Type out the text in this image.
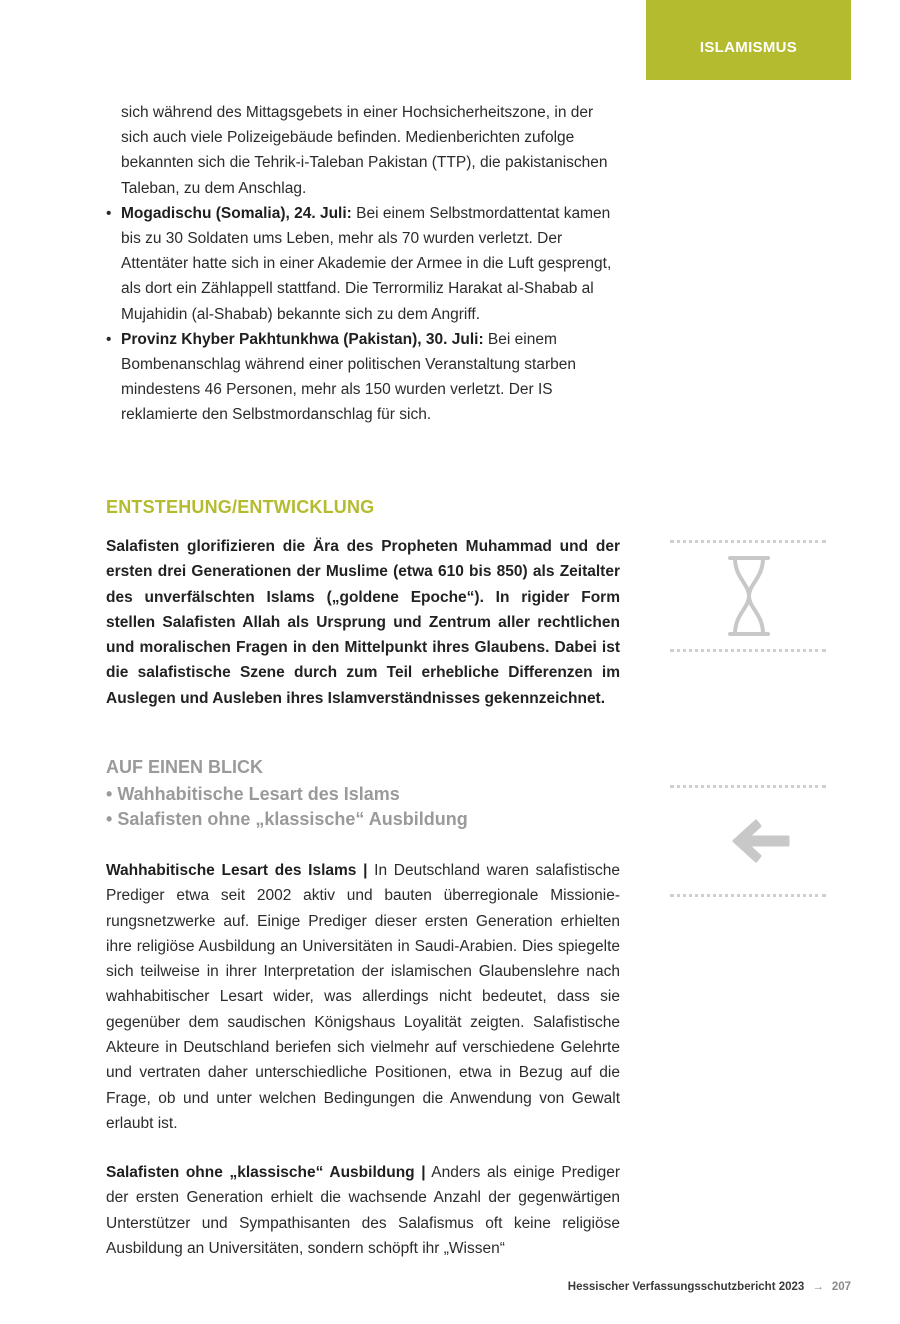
ISLAMISMUS

sich während des Mittagsgebets in einer Hochsicherheitszone, in der sich auch viele Polizeigebäude befinden. Medienberichten zufolge bekannten sich die Tehrik-i-Taleban Pakistan (TTP), die pakistanischen Taleban, zu dem Anschlag.

• Mogadischu (Somalia), 24. Juli: Bei einem Selbstmordattentat kamen bis zu 30 Soldaten ums Leben, mehr als 70 wurden verletzt. Der Attentäter hatte sich in einer Akademie der Armee in die Luft gesprengt, als dort ein Zählappell stattfand. Die Terrormiliz Harakat al-Shabab al Mujahidin (al-Shabab) bekannte sich zu dem Angriff.
• Provinz Khyber Pakhtunkhwa (Pakistan), 30. Juli: Bei einem Bombenanschlag während einer politischen Veranstaltung starben mindestens 46 Personen, mehr als 150 wurden verletzt. Der IS reklamierte den Selbstmordanschlag für sich.
ENTSTEHUNG/ENTWICKLUNG
Salafisten glorifizieren die Ära des Propheten Muhammad und der ersten drei Generationen der Muslime (etwa 610 bis 850) als Zeitalter des unverfälschten Islams („goldene Epoche“). In rigider Form stellen Salafisten Allah als Ursprung und Zentrum aller rechtlichen und moralischen Fragen in den Mittelpunkt ihres Glaubens. Dabei ist die salafistische Szene durch zum Teil erhebliche Differenzen im Auslegen und Ausleben ihres Islamverständnisses gekennzeichnet.
AUF EINEN BLICK
• Wahhabitische Lesart des Islams
• Salafisten ohne „klassische“ Ausbildung
Wahhabitische Lesart des Islams | In Deutschland waren salafistische Prediger etwa seit 2002 aktiv und bauten überregionale Missionierungsnetzwerke auf. Einige Prediger dieser ersten Generation erhielten ihre religiöse Ausbildung an Universitäten in Saudi-Arabien. Dies spiegelte sich teilweise in ihrer Interpretation der islamischen Glaubenslehre nach wahhabitischer Lesart wider, was allerdings nicht bedeutet, dass sie gegenüber dem saudischen Königshaus Loyalität zeigten. Salafistische Akteure in Deutschland beriefen sich vielmehr auf verschiedene Gelehrte und vertraten daher unterschiedliche Positionen, etwa in Bezug auf die Frage, ob und unter welchen Bedingungen die Anwendung von Gewalt erlaubt ist.
Salafisten ohne „klassische“ Ausbildung | Anders als einige Prediger der ersten Generation erhielt die wachsende Anzahl der gegenwärtigen Unterstützer und Sympathisanten des Salafismus oft keine religiöse Ausbildung an Universitäten, sondern schöpft ihr „Wissen“
Hessischer Verfassungsschutzbericht 2023 → 207
